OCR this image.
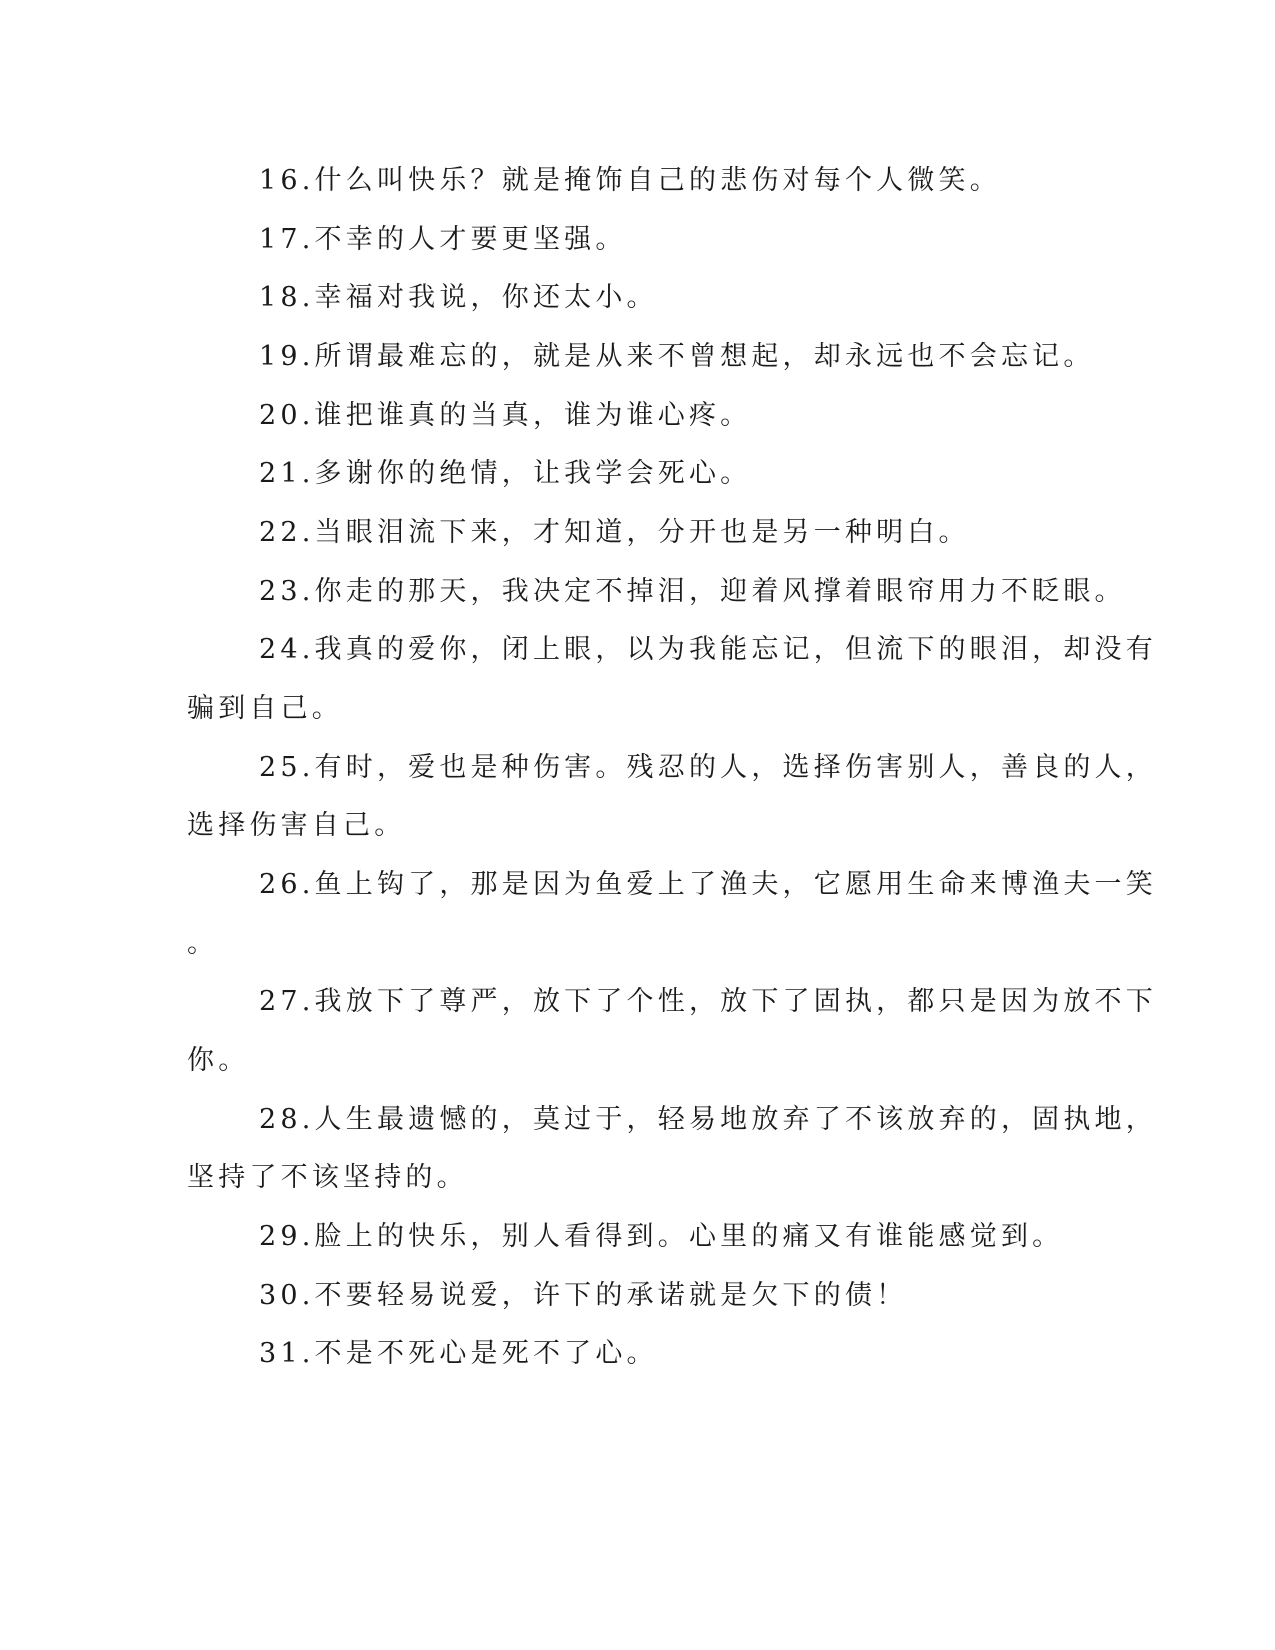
16.什么叫快乐？就是掩饰自己的悲伤对每个人微笑。
17.不幸的人才要更坚强。
18.幸福对我说，你还太小。
19.所谓最难忘的，就是从来不曾想起，却永远也不会忘记。
20.谁把谁真的当真，谁为谁心疼。
21.多谢你的绝情，让我学会死心。
22.当眼泪流下来，才知道，分开也是另一种明白。
23.你走的那天，我决定不掉泪，迎着风撑着眼帘用力不眨眼。
24.我真的爱你，闭上眼，以为我能忘记，但流下的眼泪，却没有
骗到自己。
25.有时，爱也是种伤害。残忍的人，选择伤害别人，善良的人，
选择伤害自己。
26.鱼上钩了，那是因为鱼爱上了渔夫，它愿用生命来博渔夫一笑
。
27.我放下了尊严，放下了个性，放下了固执，都只是因为放不下
你。
28.人生最遗憾的，莫过于，轻易地放弃了不该放弃的，固执地，
坚持了不该坚持的。
29.脸上的快乐，别人看得到。心里的痛又有谁能感觉到。
30.不要轻易说爱，许下的承诺就是欠下的债！
31.不是不死心是死不了心。
